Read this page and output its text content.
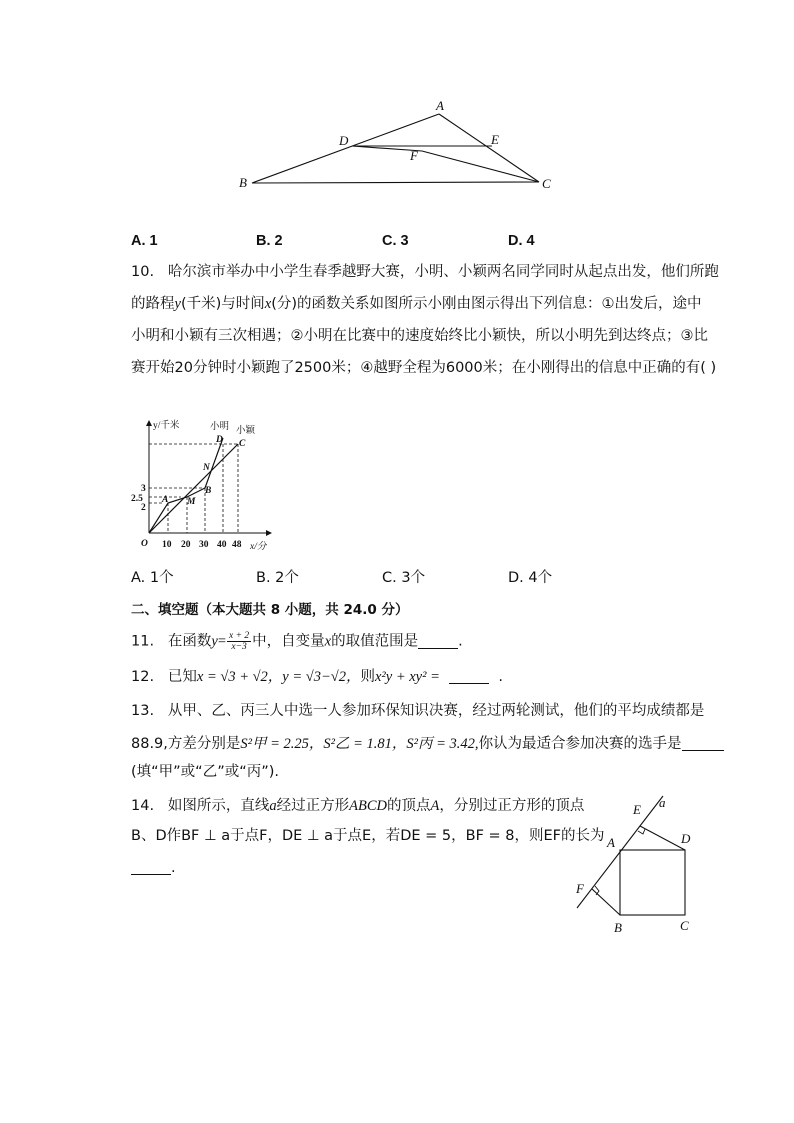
A
D	E
F
B	C
A. 1	B. 2	C. 3	D. 4
10. 哈尔滨市举办中小学生春季越野大赛，小明、小颖两名同学同时从起点出发，他们所跑
的路程y(千米)与时间x(分)的函数关系如图所示小刚由图示得出下列信息：①出发后，途中
小明和小颖有三次相遇；②小明在比赛中的速度始终比小颖快，所以小明先到达终点；③比
赛开始20分钟时小颖跑了2500米；④越野全程为6000米；在小刚得出的信息中正确的有( )
y/千米	小明 小颖
D C
N
B
M
A
3
2.5
2
O 10 20 30 40 48 x/分
A. 1个	B. 2个	C. 3个	D. 4个
二、填空题（本大题共 8 小题，共 24.0 分）
11. 在函数$y= \frac{x + 2}{x-3}$ 中，自变量x的取值范围是	.
12. 已知x = √3 + √2，y = √3−√2，则x²y + xy² =	.
13. 从甲、乙、丙三人中选一人参加环保知识决赛，经过两轮测试，他们的平均成绩都是
88.9,方差分别是S²甲 = 2.25，S²乙 = 1.81，S²丙 = 3.42,你认为最适合参加决赛的选手是
(填“甲”或“乙”或“丙”).
14. 如图所示，直线a经过正方形ABCD的顶点A，分别过正方形的顶点
B、D作BF ⊥ a于点F，DE ⊥ a于点E，若DE = 5，BF = 8，则EF的长为
.
E a
D
A
F
B	C
